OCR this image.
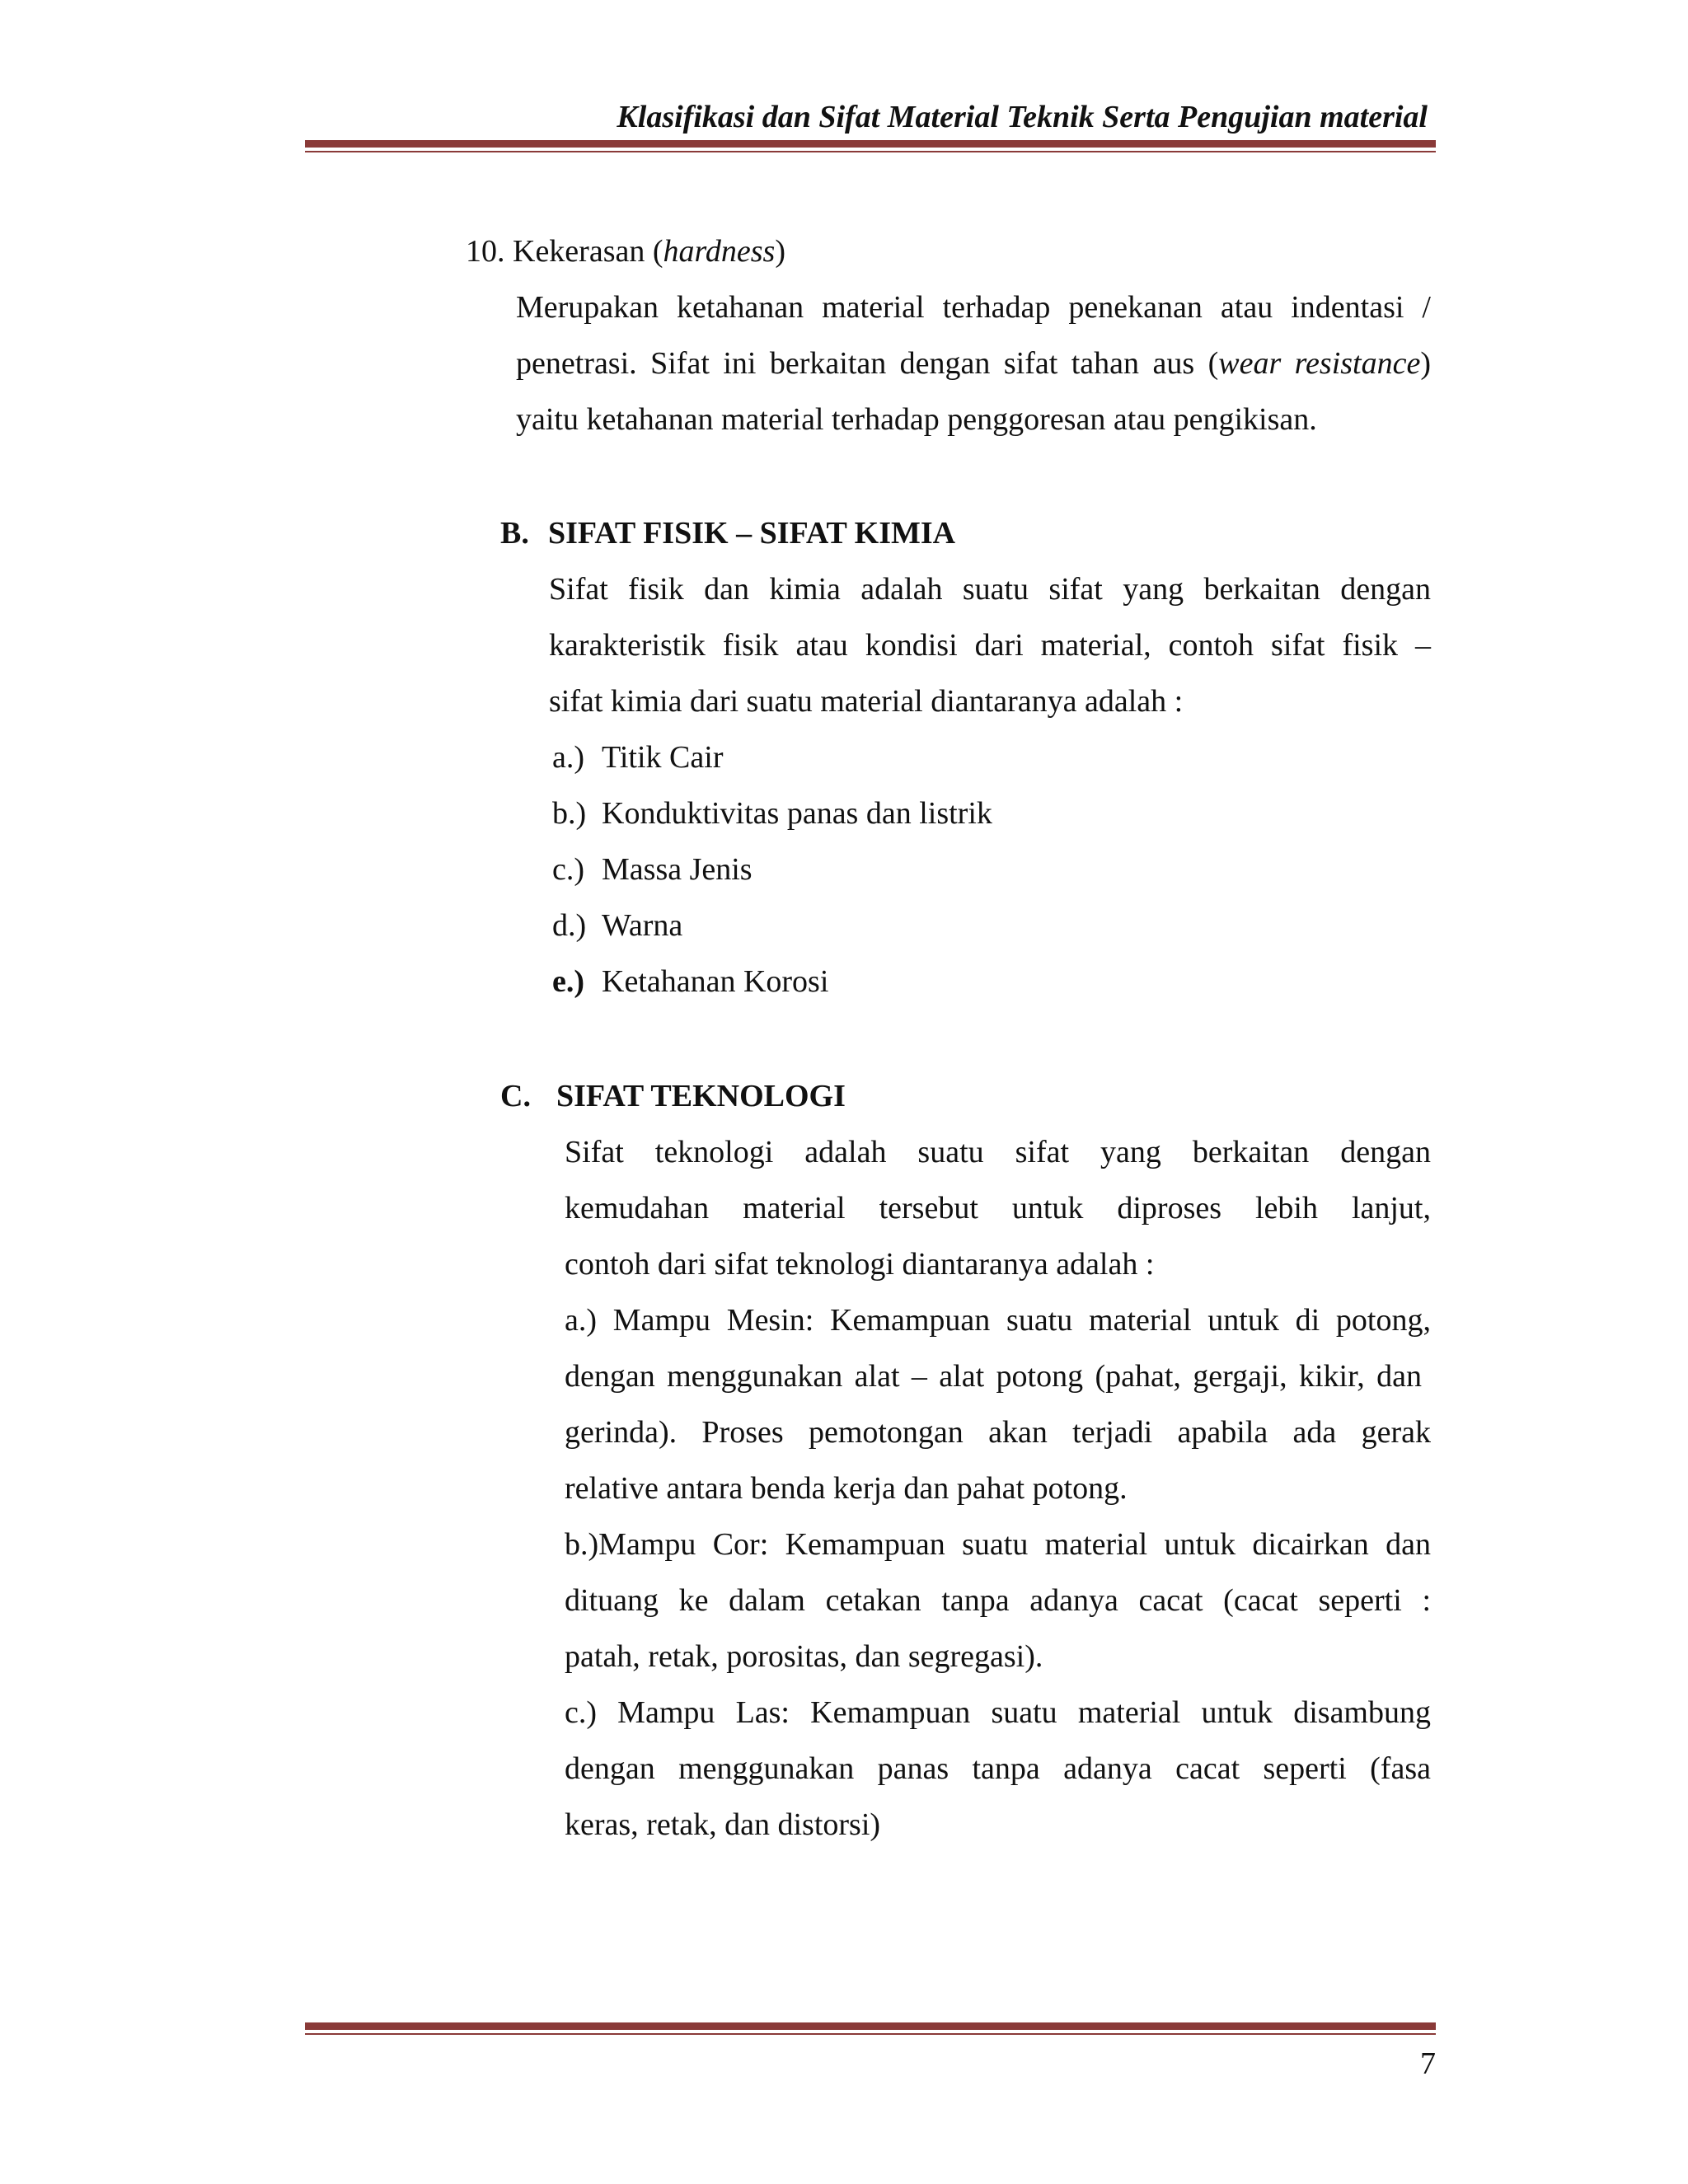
Klasifikasi dan Sifat Material Teknik Serta Pengujian material
10. Kekerasan (hardness)
Merupakan ketahanan material terhadap penekanan atau indentasi /
penetrasi. Sifat ini berkaitan dengan sifat tahan aus (wear resistance)
yaitu ketahanan material terhadap penggoresan atau pengikisan.
B. SIFAT FISIK – SIFAT KIMIA
Sifat fisik dan kimia adalah suatu sifat yang berkaitan dengan
karakteristik fisik atau kondisi dari material, contoh sifat fisik –
sifat kimia dari suatu material diantaranya adalah :
a.) Titik Cair
b.) Konduktivitas panas dan listrik
c.) Massa Jenis
d.) Warna
e.) Ketahanan Korosi
C. SIFAT TEKNOLOGI
Sifat teknologi adalah suatu sifat yang berkaitan dengan
kemudahan material tersebut untuk diproses lebih lanjut,
contoh dari sifat teknologi diantaranya adalah :
a.) Mampu Mesin: Kemampuan suatu material untuk di potong,
dengan menggunakan alat – alat potong (pahat, gergaji, kikir, dan
gerinda). Proses pemotongan akan terjadi apabila ada gerak
relative antara benda kerja dan pahat potong.
b.)Mampu Cor: Kemampuan suatu material untuk dicairkan dan
dituang ke dalam cetakan tanpa adanya cacat (cacat seperti :
patah, retak, porositas, dan segregasi).
c.) Mampu Las: Kemampuan suatu material untuk disambung
dengan menggunakan panas tanpa adanya cacat seperti (fasa
keras, retak, dan distorsi)
7
